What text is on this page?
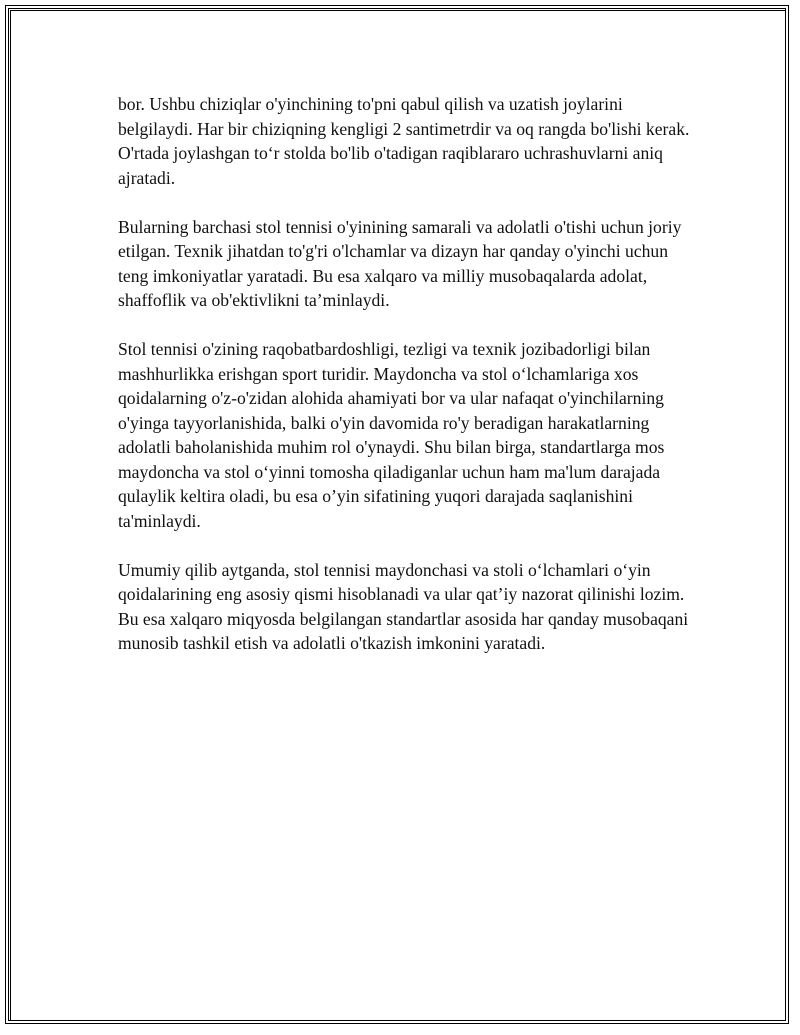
bor. Ushbu chiziqlar o'yinchining to'pni qabul qilish va uzatish joylarini belgilaydi. Har bir chiziqning kengligi 2 santimetrdir va oq rangda bo'lishi kerak. O'rtada joylashgan to‘r stolda bo'lib o'tadigan raqiblararo uchrashuvlarni aniq ajratadi.

Bularning barchasi stol tennisi o'yinining samarali va adolatli o'tishi uchun joriy etilgan. Texnik jihatdan to'g'ri o'lchamlar va dizayn har qanday o'yinchi uchun teng imkoniyatlar yaratadi. Bu esa xalqaro va milliy musobaqalarda adolat, shaffoflik va ob'ektivlikni ta’minlaydi.

Stol tennisi o'zining raqobatbardoshligi, tezligi va texnik jozibadorligi bilan mashhurlikka erishgan sport turidir. Maydoncha va stol o‘lchamlariga xos qoidalarning o'z-o'zidan alohida ahamiyati bor va ular nafaqat o'yinchilarning o'yinga tayyorlanishida, balki o'yin davomida ro'y beradigan harakatlarning adolatli baholanishida muhim rol o'ynaydi. Shu bilan birga, standartlarga mos maydoncha va stol o‘yinni tomosha qiladiganlar uchun ham ma'lum darajada qulaylik keltira oladi, bu esa o’yin sifatining yuqori darajada saqlanishini ta'minlaydi.

Umumiy qilib aytganda, stol tennisi maydonchasi va stoli o‘lchamlari o‘yin qoidalarining eng asosiy qismi hisoblanadi va ular qat’iy nazorat qilinishi lozim. Bu esa xalqaro miqyosda belgilangan standartlar asosida har qanday musobaqani munosib tashkil etish va adolatli o'tkazish imkonini yaratadi.
